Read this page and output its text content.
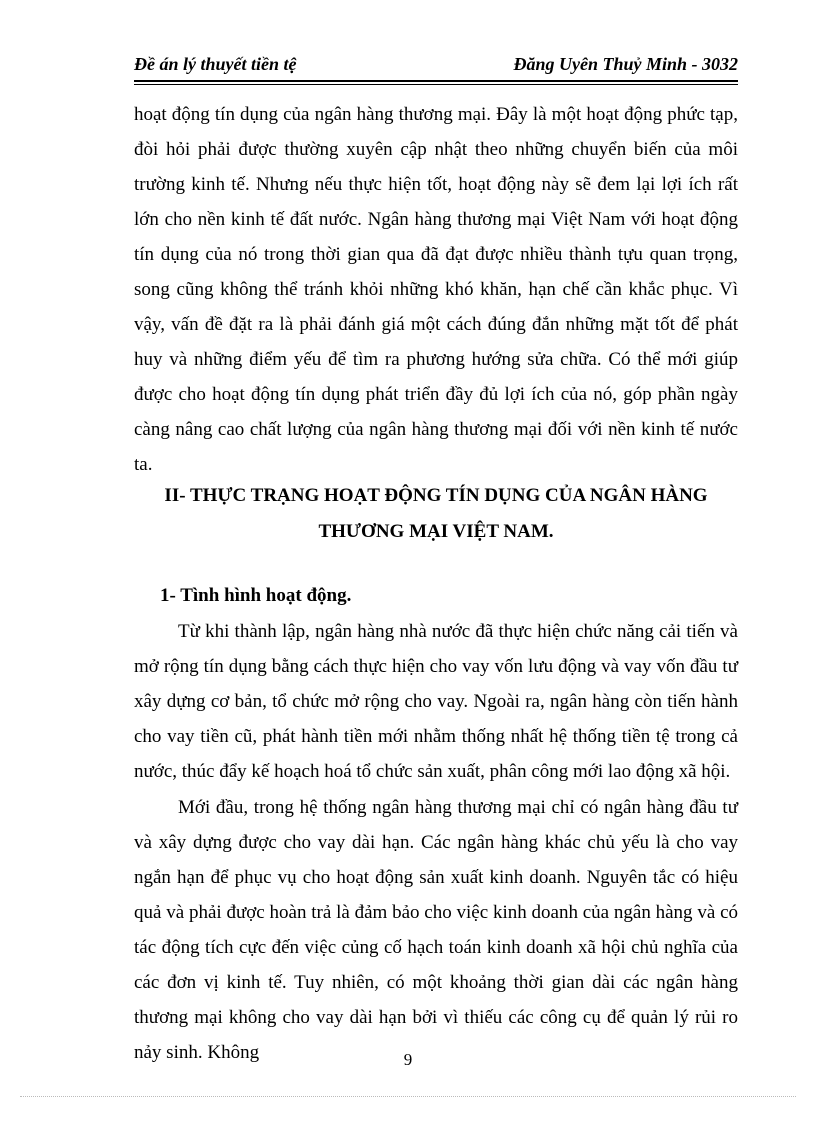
Đề án lý thuyết tiền tệ	Đăng Uyên Thuỷ Minh - 3032

hoạt động tín dụng của ngân hàng thương mại. Đây là một hoạt động phức tạp, đòi hỏi phải được thường xuyên cập nhật theo những chuyển biến của môi trường kinh tế. Nhưng nếu thực hiện tốt, hoạt động này sẽ đem lại lợi ích rất lớn cho nền kinh tế đất nước. Ngân hàng thương mại Việt Nam với hoạt động tín dụng của nó trong thời gian qua đã đạt được nhiều thành tựu quan trọng, song cũng không thể tránh khỏi những khó khăn, hạn chế cần khắc phục. Vì vậy, vấn đề đặt ra là phải đánh giá một cách đúng đắn những mặt tốt để phát huy và những điểm yếu để tìm ra phương hướng sửa chữa. Có thể mới giúp được cho hoạt động tín dụng phát triển đầy đủ lợi ích của nó, góp phần ngày càng nâng cao chất lượng của ngân hàng thương mại đối với nền kinh tế nước ta.

II- THỰC TRẠNG HOẠT ĐỘNG TÍN DỤNG CỦA NGÂN HÀNG
THƯƠNG MẠI VIỆT NAM.
1- Tình hình hoạt động.

Từ khi thành lập, ngân hàng nhà nước đã thực hiện chức năng cải tiến và mở rộng tín dụng bằng cách thực hiện cho vay vốn lưu động và vay vốn đầu tư xây dựng cơ bản, tổ chức mở rộng cho vay. Ngoài ra, ngân hàng còn tiến hành cho vay tiền cũ, phát hành tiền mới nhằm thống nhất hệ thống tiền tệ trong cả nước, thúc đẩy kế hoạch hoá tổ chức sản xuất, phân công mới lao động xã hội.

Mới đầu, trong hệ thống ngân hàng thương mại chỉ có ngân hàng đầu tư và xây dựng được cho vay dài hạn. Các ngân hàng khác chủ yếu là cho vay ngắn hạn để phục vụ cho hoạt động sản xuất kinh doanh. Nguyên tắc có hiệu quả và phải được hoàn trả là đảm bảo cho việc kinh doanh của ngân hàng và có tác động tích cực đến việc củng cố hạch toán kinh doanh xã hội chủ nghĩa của các đơn vị kinh tế. Tuy nhiên, có một khoảng thời gian dài các ngân hàng thương mại không cho vay dài hạn bởi vì thiếu các công cụ để quản lý rủi ro nảy sinh. Không	9
